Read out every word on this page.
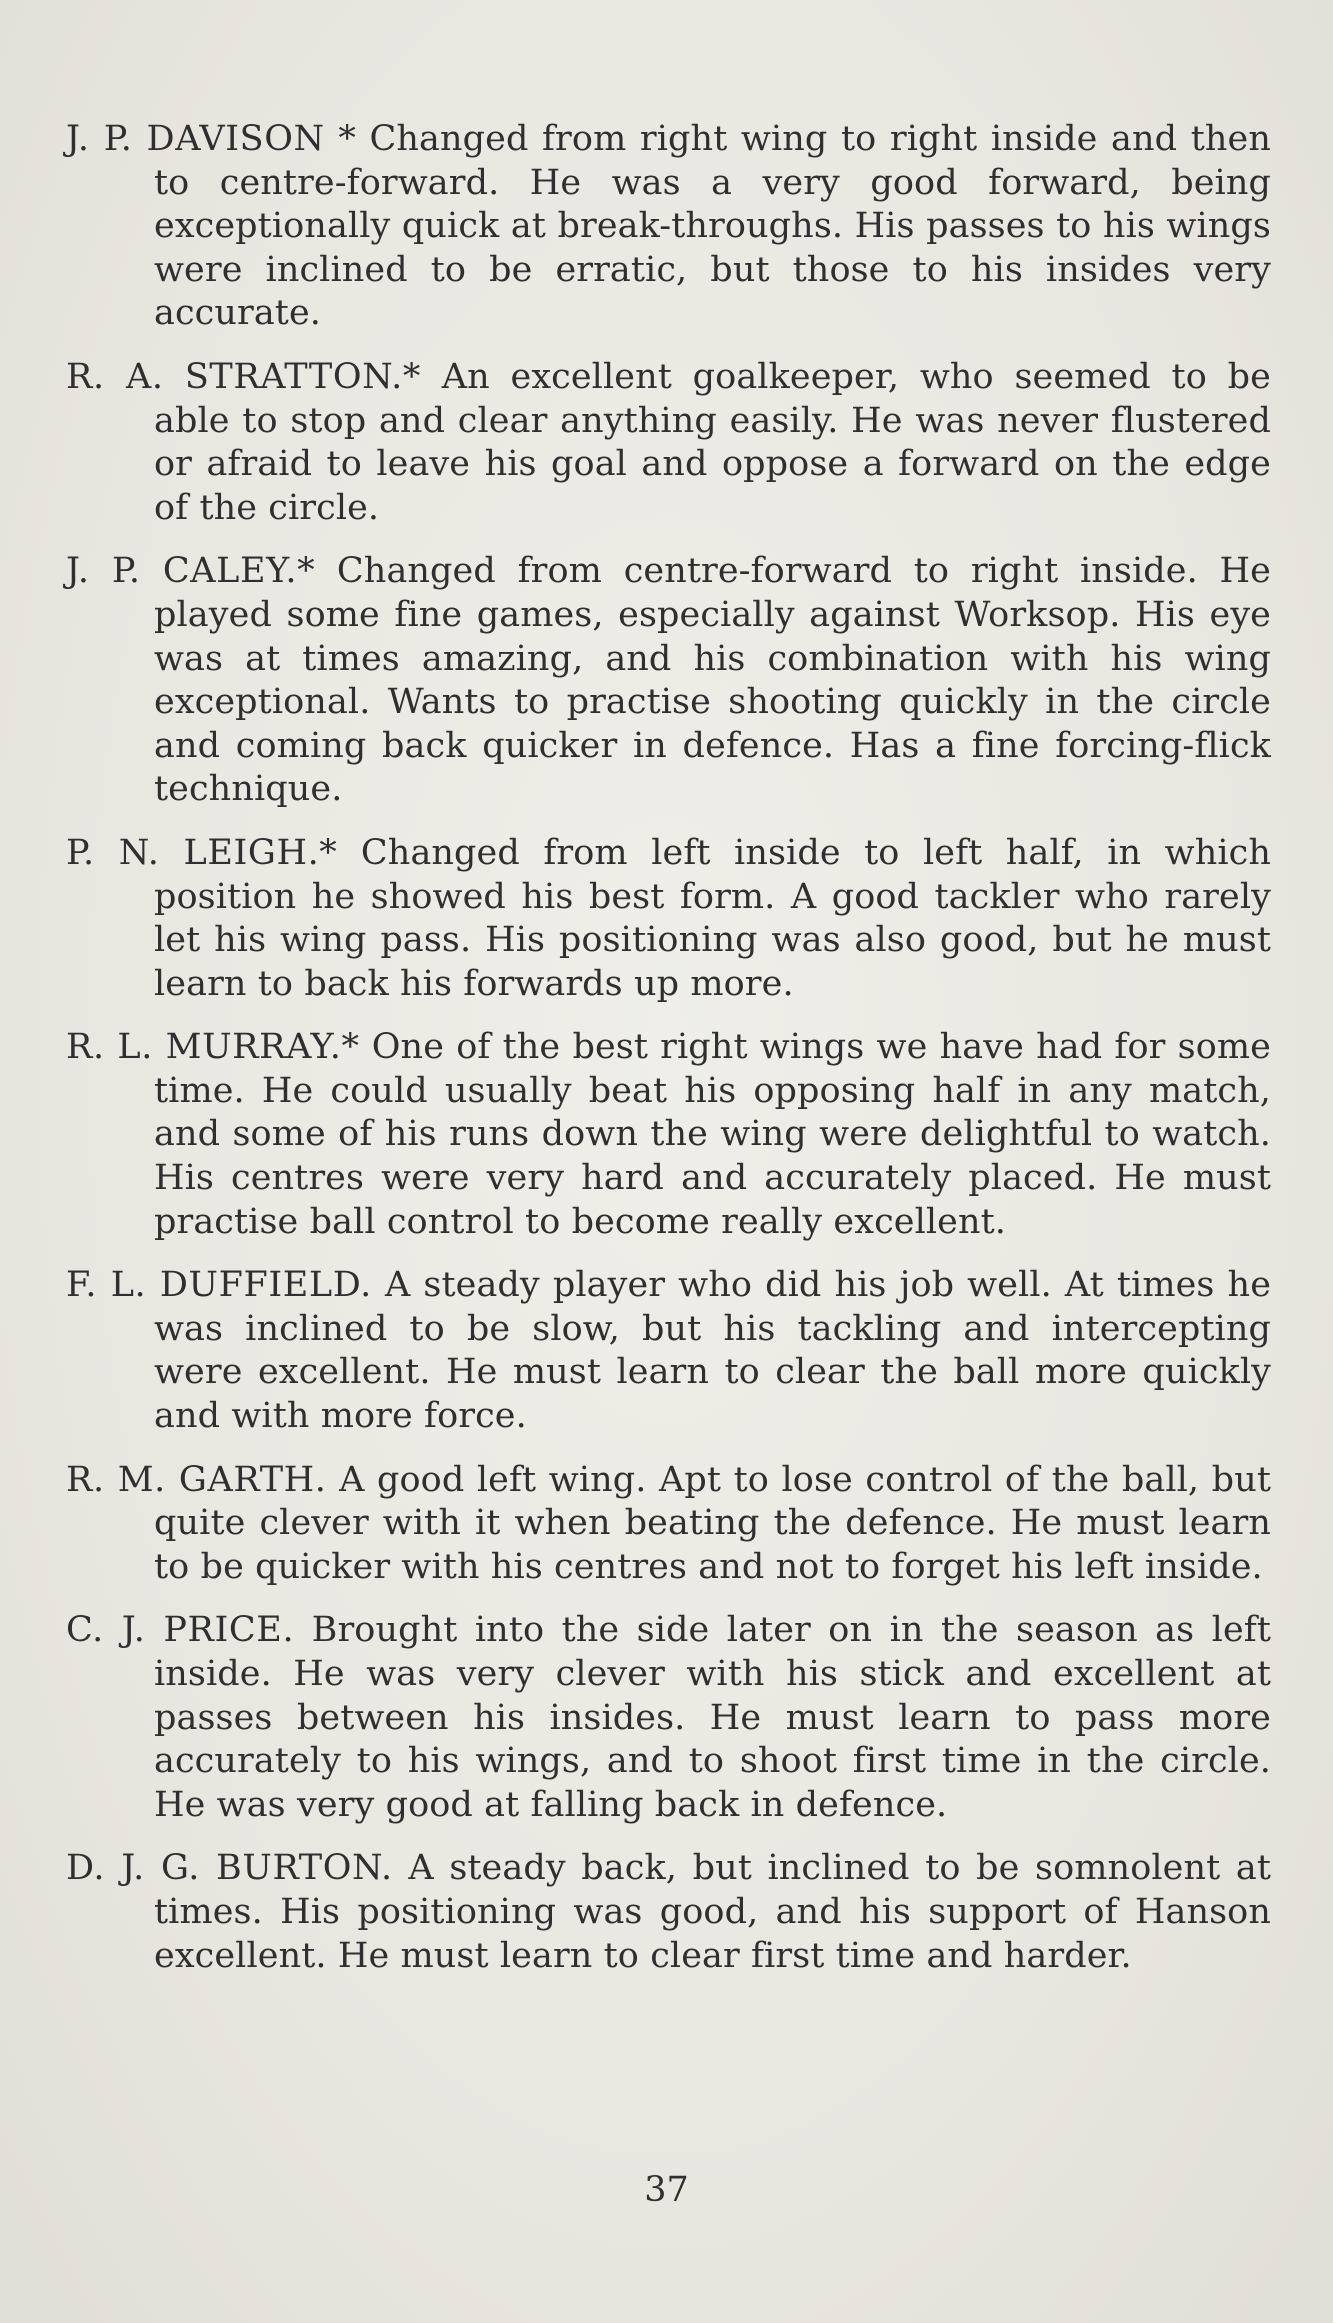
J. P. DAVISON * Changed from right wing to right inside and then to centre-forward. He was a very good forward, being exceptionally quick at break-throughs. His passes to his wings were inclined to be erratic, but those to his insides very accurate.

R. A. STRATTON.* An excellent goalkeeper, who seemed to be able to stop and clear anything easily. He was never flustered or afraid to leave his goal and oppose a forward on the edge of the circle.

J. P. CALEY.* Changed from centre-forward to right inside. He played some fine games, especially against Worksop. His eye was at times amazing, and his combination with his wing exceptional. Wants to practise shooting quickly in the circle and coming back quicker in defence. Has a fine forcing-flick technique.

P. N. LEIGH.* Changed from left inside to left half, in which position he showed his best form. A good tackler who rarely let his wing pass. His positioning was also good, but he must learn to back his forwards up more.

R. L. MURRAY.* One of the best right wings we have had for some time. He could usually beat his opposing half in any match, and some of his runs down the wing were delightful to watch. His centres were very hard and accurately placed. He must practise ball control to become really excellent.

F. L. DUFFIELD. A steady player who did his job well. At times he was inclined to be slow, but his tackling and intercepting were excellent. He must learn to clear the ball more quickly and with more force.

R. M. GARTH. A good left wing. Apt to lose control of the ball, but quite clever with it when beating the defence. He must learn to be quicker with his centres and not to forget his left inside.

C. J. PRICE. Brought into the side later on in the season as left inside. He was very clever with his stick and excellent at passes between his insides. He must learn to pass more accurately to his wings, and to shoot first time in the circle. He was very good at falling back in defence.

D. J. G. BURTON. A steady back, but inclined to be somnolent at times. His positioning was good, and his support of Hanson excellent. He must learn to clear first time and harder.

37
